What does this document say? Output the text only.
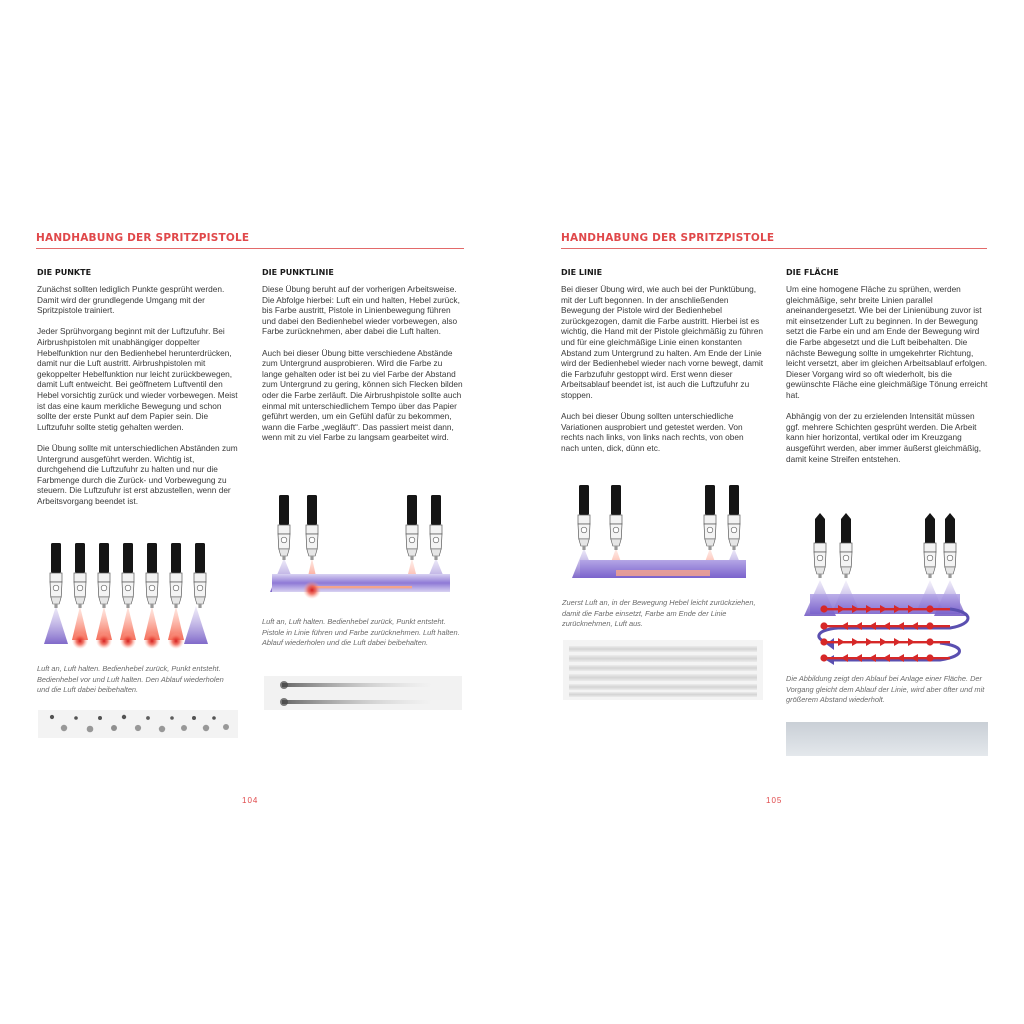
HANDHABUNG DER SPRITZPISTOLE
DIE PUNKTE

Zunächst sollten lediglich Punkte gesprüht werden. Damit wird der grundlegende Umgang mit der Spritzpistole trainiert.

Jeder Sprühvorgang beginnt mit der Luftzufuhr. Bei Airbrushpistolen mit unabhängiger doppelter Hebelfunktion nur den Bedienhebel herunterdrücken, damit nur die Luft austritt. Airbrushpistolen mit gekoppelter Hebelfunktion nur leicht zurückbewegen, damit Luft entweicht. Bei geöffnetem Luftventil den Hebel vorsichtig zurück und wieder vorbewegen. Meist ist das eine kaum merkliche Bewegung und schon sollte der erste Punkt auf dem Papier sein. Die Luftzufuhr sollte stetig gehalten werden.

Die Übung sollte mit unterschiedlichen Abständen zum Untergrund ausgeführt werden. Wichtig ist, durchgehend die Luftzufuhr zu halten und nur die Farbmenge durch die Zurück- und Vorbewegung zu steuern. Die Luftzufuhr ist erst abzustellen, wenn der Arbeitsvorgang beendet ist.

DIE PUNKTLINIE

Diese Übung beruht auf der vorherigen Arbeitsweise. Die Abfolge hierbei: Luft ein und halten, Hebel zurück, bis Farbe austritt, Pistole in Linienbewegung führen und dabei den Bedienhebel wieder vorbewegen, also Farbe zurücknehmen, aber dabei die Luft halten.

Auch bei dieser Übung bitte verschiedene Abstände zum Untergrund ausprobieren. Wird die Farbe zu lange gehalten oder ist bei zu viel Farbe der Abstand zum Untergrund zu gering, können sich Flecken bilden oder die Farbe zerläuft. Die Airbrushpistole sollte auch einmal mit unterschiedlichem Tempo über das Papier geführt werden, um ein Gefühl dafür zu bekommen, wann die Farbe „wegläuft“. Das passiert meist dann, wenn mit zu viel Farbe zu langsam gearbeitet wird.

Luft an, Luft halten. Bedienhebel zurück, Punkt entsteht. Bedienhebel vor und Luft halten. Den Ablauf wiederholen und die Luft dabei beibehalten.
Luft an, Luft halten. Bedienhebel zurück, Punkt entsteht. Pistole in Linie führen und Farbe zurücknehmen. Luft halten. Ablauf wiederholen und die Luft dabei beibehalten.
104
HANDHABUNG DER SPRITZPISTOLE
DIE LINIE

Bei dieser Übung wird, wie auch bei der Punktübung, mit der Luft begonnen. In der anschließenden Bewegung der Pistole wird der Bedienhebel zurückgezogen, damit die Farbe austritt. Hierbei ist es wichtig, die Hand mit der Pistole gleichmäßig zu führen und für eine gleichmäßige Linie einen konstanten Abstand zum Untergrund zu halten. Am Ende der Linie wird der Bedienhebel wieder nach vorne bewegt, damit die Farbzufuhr gestoppt wird. Erst wenn dieser Arbeitsablauf beendet ist, ist auch die Luftzufuhr zu stoppen.

Auch bei dieser Übung sollten unterschiedliche Variationen ausprobiert und getestet werden. Von rechts nach links, von links nach rechts, von oben nach unten, dick, dünn etc.

DIE FLÄCHE

Um eine homogene Fläche zu sprühen, werden gleichmäßige, sehr breite Linien parallel aneinandergesetzt. Wie bei der Linienübung zuvor ist mit einsetzender Luft zu beginnen. In der Bewegung setzt die Farbe ein und am Ende der Bewegung wird die Farbe abgesetzt und die Luft beibehalten. Die nächste Bewegung sollte in umgekehrter Richtung, leicht versetzt, aber im gleichen Arbeitsablauf erfolgen. Dieser Vorgang wird so oft wiederholt, bis die gewünschte Fläche eine gleichmäßige Tönung erreicht hat.

Abhängig von der zu erzielenden Intensität müssen ggf. mehrere Schichten gesprüht werden. Die Arbeit kann hier horizontal, vertikal oder im Kreuzgang ausgeführt werden, aber immer äußerst gleichmäßig, damit keine Streifen entstehen.

Zuerst Luft an, in der Bewegung Hebel leicht zurückziehen, damit die Farbe einsetzt, Farbe am Ende der Linie zurücknehmen, Luft aus.
Die Abbildung zeigt den Ablauf bei Anlage einer Fläche. Der Vorgang gleicht dem Ablauf der Linie, wird aber öfter und mit größerem Abstand wiederholt.
105
